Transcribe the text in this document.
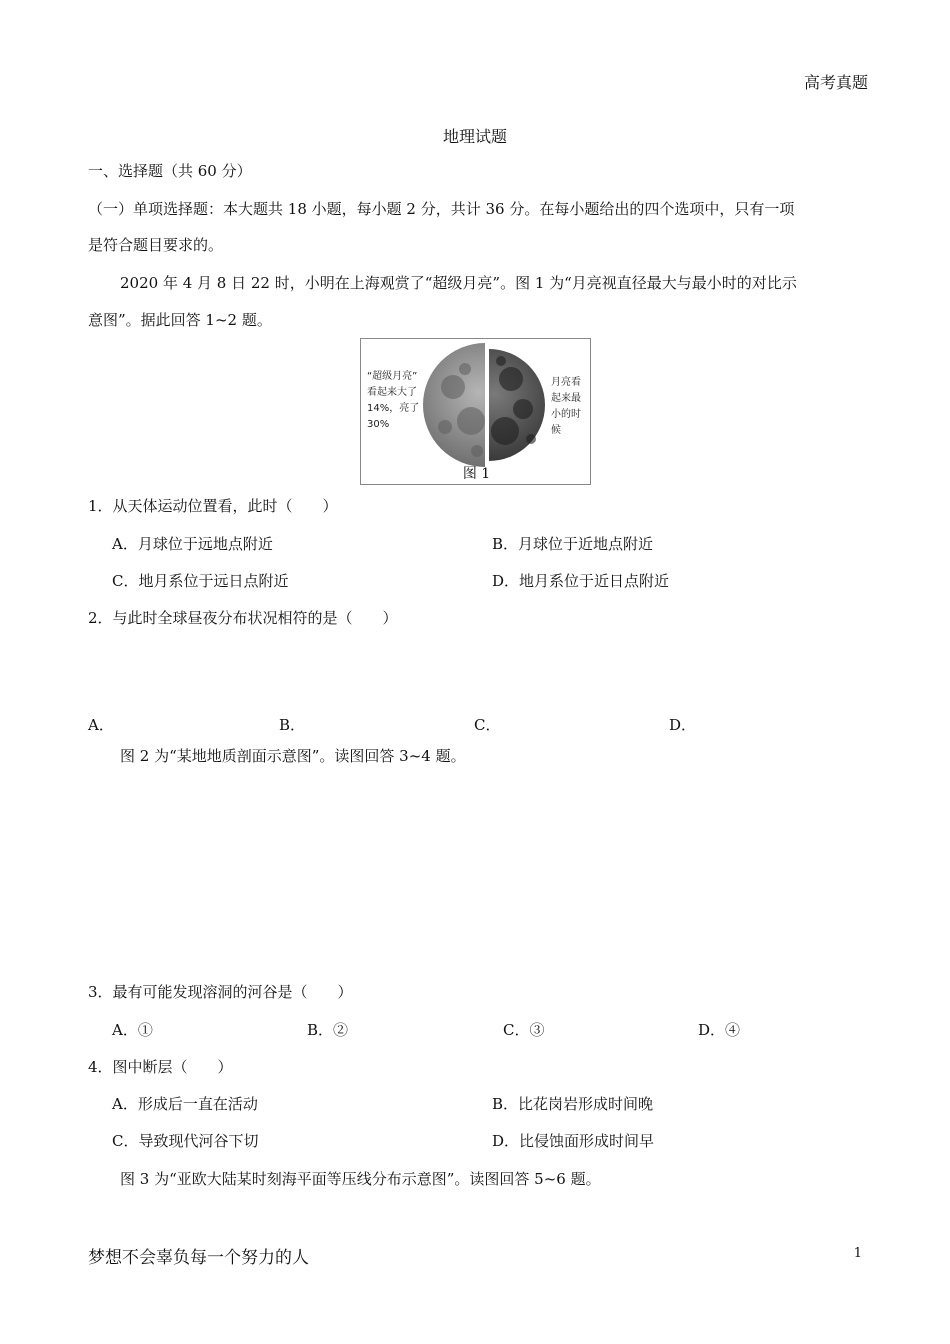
高考真题
地理试题
一、选择题（共 60 分）
（一）单项选择题：本大题共 18 小题，每小题 2 分，共计 36 分。在每小题给出的四个选项中，只有一项
是符合题目要求的。
2020 年 4 月 8 日 22 时，小明在上海观赏了“超级月亮”。图 1 为“月亮视直径最大与最小时的对比示
意图”。据此回答 1~2 题。
“超级月亮”
看起来大了
14%，亮了
30%
月亮看
起来最
小的时
候
图 1
1．从天体运动位置看，此时（　　）
A．月球位于远地点附近	B．月球位于近地点附近
C．地月系位于远日点附近	D．地月系位于近日点附近
2．与此时全球昼夜分布状况相符的是（　　）
A．	B．	C．	D．
图 2 为“某地地质剖面示意图”。读图回答 3~4 题。
3．最有可能发现溶洞的河谷是（　　）
A．①	B．②	C．③	D．④
4．图中断层（　　）
A．形成后一直在活动	B．比花岗岩形成时间晚
C．导致现代河谷下切	D．比侵蚀面形成时间早
图 3 为“亚欧大陆某时刻海平面等压线分布示意图”。读图回答 5~6 题。
梦想不会辜负每一个努力的人	1
